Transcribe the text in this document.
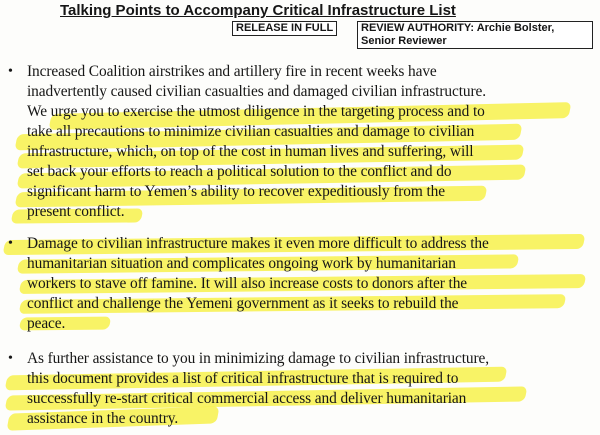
Talking Points to Accompany Critical Infrastructure List
RELEASE IN FULL	REVIEW AUTHORITY: Archie Bolster,
Senior Reviewer
• Increased Coalition airstrikes and artillery fire in recent weeks have
inadvertently caused civilian casualties and damaged civilian infrastructure.
We urge you to exercise the utmost diligence in the targeting process and to
take all precautions to minimize civilian casualties and damage to civilian
infrastructure, which, on top of the cost in human lives and suffering, will
set back your efforts to reach a political solution to the conflict and do
significant harm to Yemen’s ability to recover expeditiously from the
present conflict.
• Damage to civilian infrastructure makes it even more difficult to address the
humanitarian situation and complicates ongoing work by humanitarian
workers to stave off famine. It will also increase costs to donors after the
conflict and challenge the Yemeni government as it seeks to rebuild the
peace.
• As further assistance to you in minimizing damage to civilian infrastructure,
this document provides a list of critical infrastructure that is required to
successfully re-start critical commercial access and deliver humanitarian
assistance in the country.
